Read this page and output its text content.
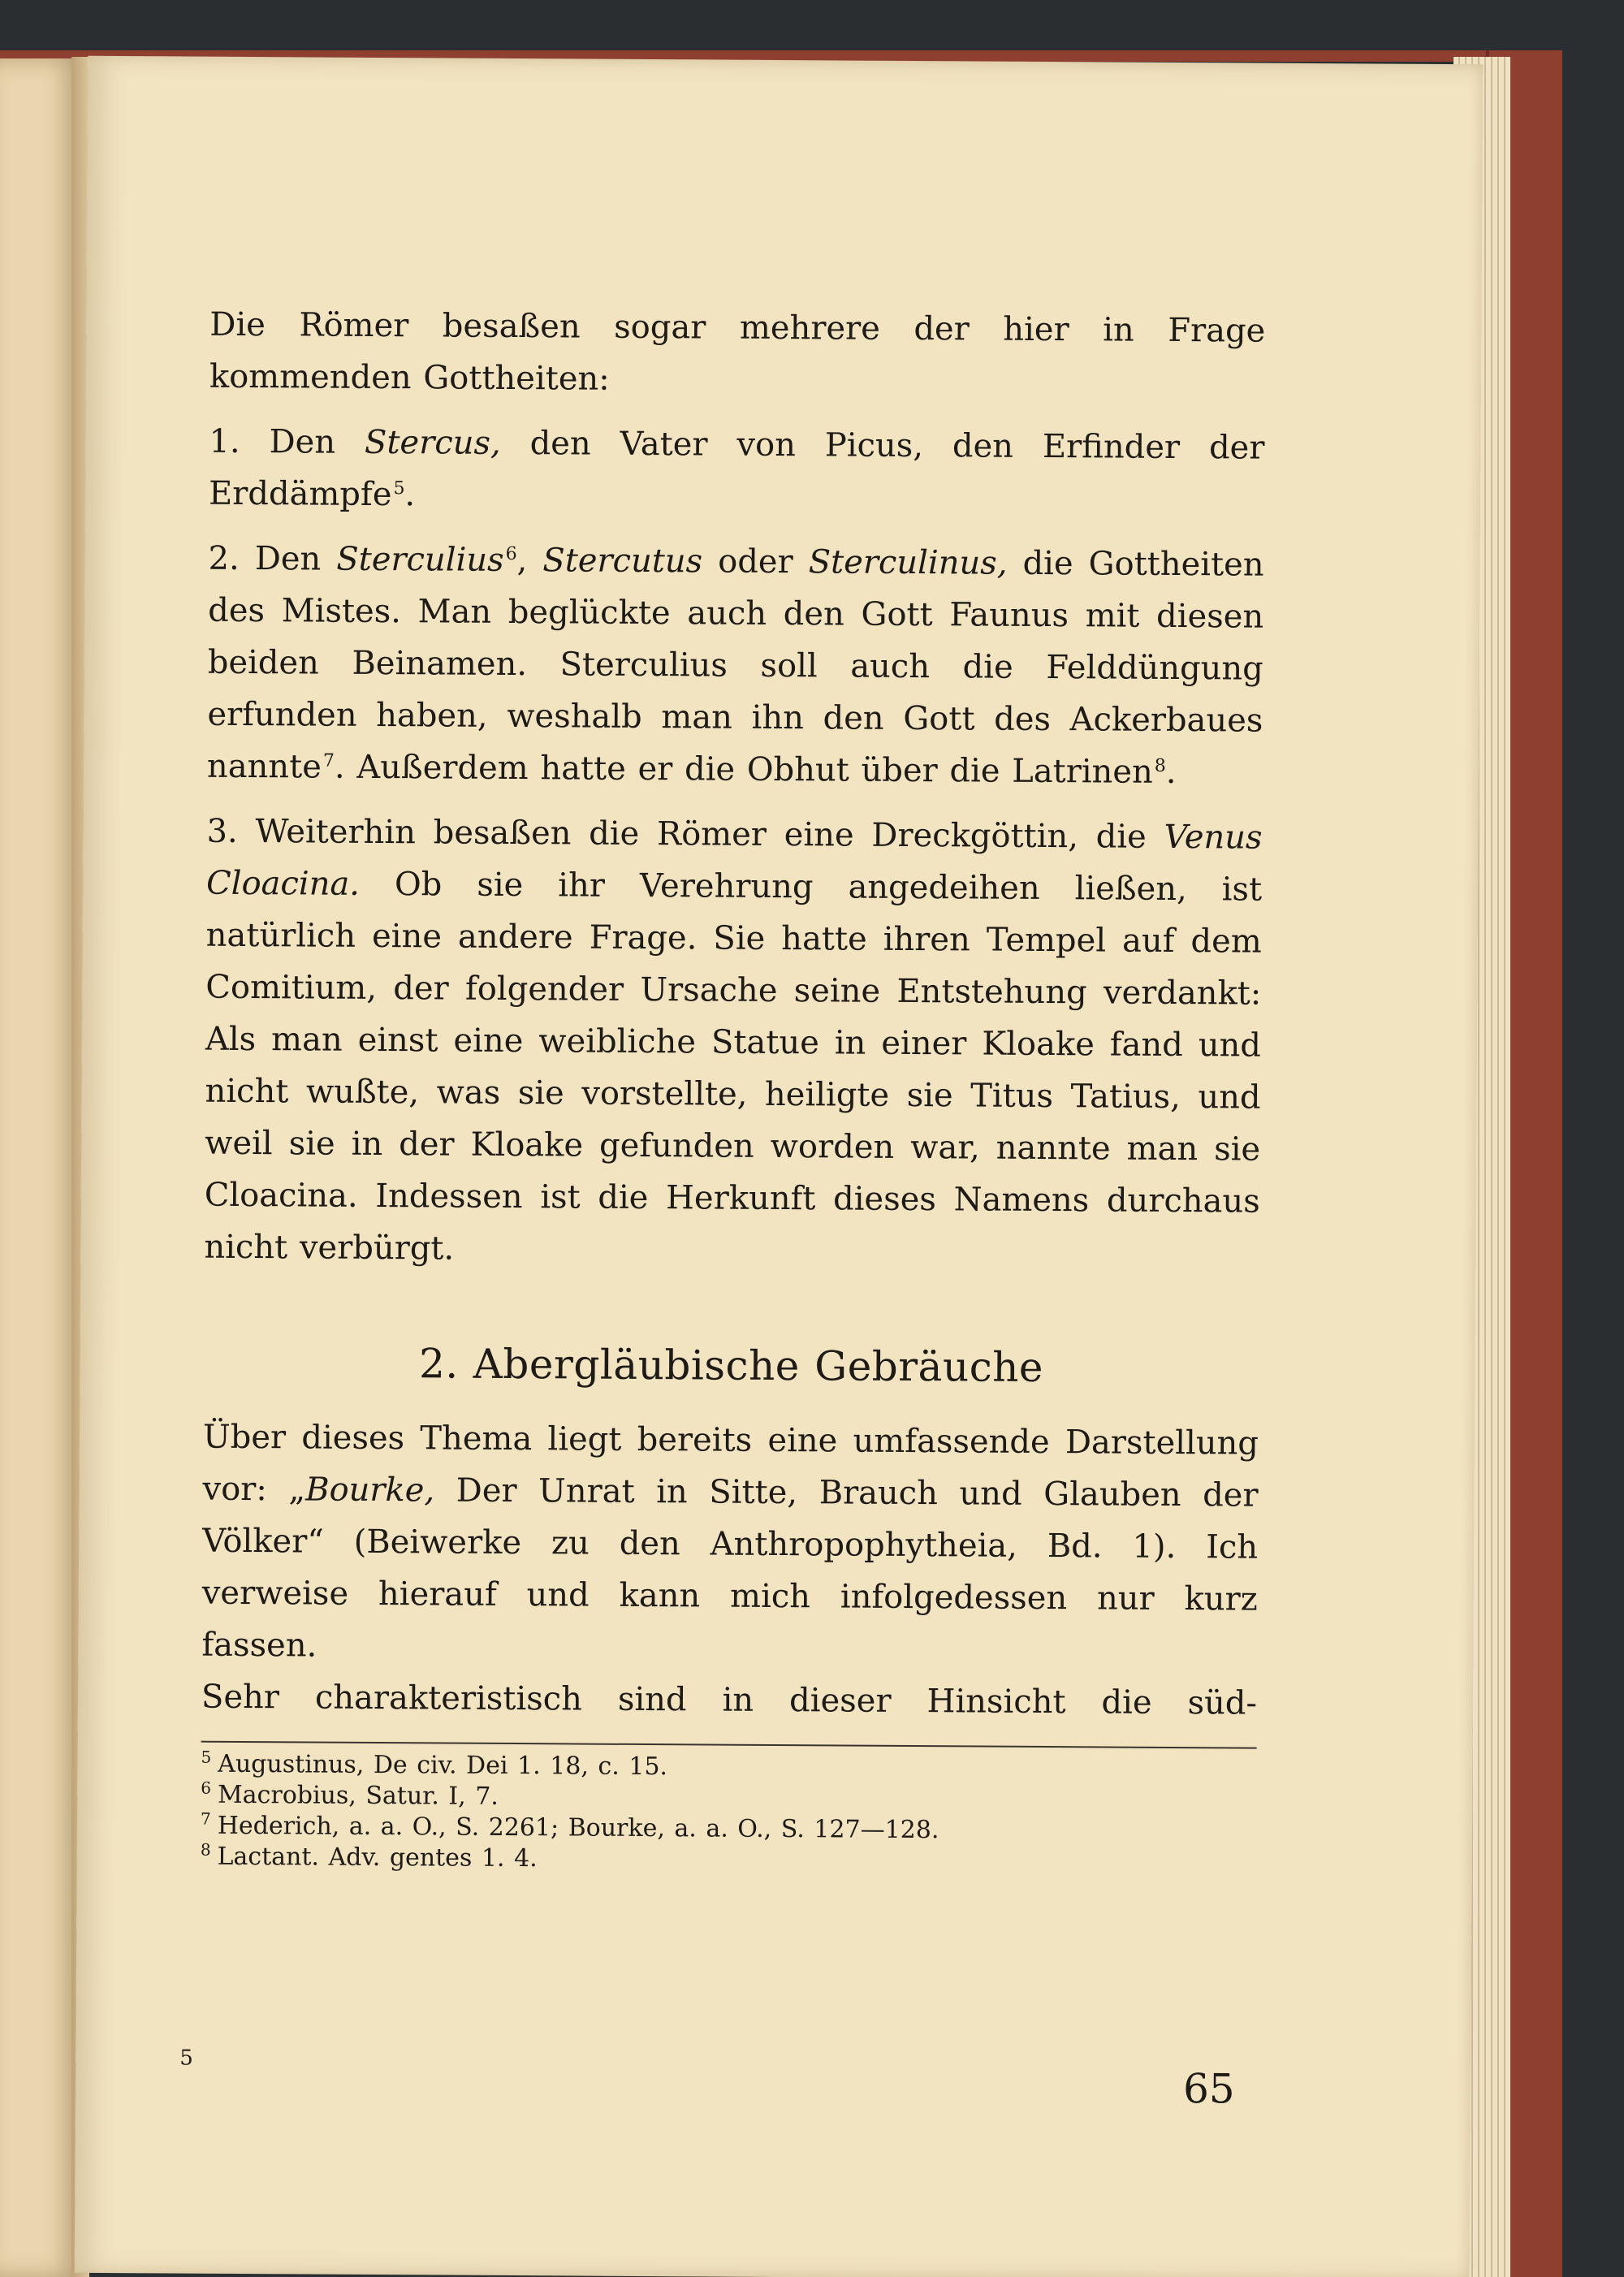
Die Römer besaßen sogar mehrere der hier in Frage kommenden Gottheiten:

1. Den Stercus, den Vater von Picus, den Erfinder der Erddämpfe$^5$.

2. Den Sterculius$^6$, Stercutus oder Sterculinus, die Gottheiten des Mistes. Man beglückte auch den Gott Faunus mit diesen beiden Beinamen. Sterculius soll auch die Felddüngung erfunden haben, weshalb man ihn den Gott des Ackerbaues nannte$^7$. Außerdem hatte er die Obhut über die Latrinen$^8$.

3. Weiterhin besaßen die Römer eine Dreckgöttin, die Venus Cloacina. Ob sie ihr Verehrung angedeihen ließen, ist natürlich eine andere Frage. Sie hatte ihren Tempel auf dem Comitium, der folgender Ursache seine Entstehung verdankt: Als man einst eine weibliche Statue in einer Kloake fand und nicht wußte, was sie vorstellte, heiligte sie Titus Tatius, und weil sie in der Kloake gefunden worden war, nannte man sie Cloacina. Indessen ist die Herkunft dieses Namens durchaus nicht verbürgt.

2. Abergläubische Gebräuche

Über dieses Thema liegt bereits eine umfassende Darstellung vor: „Bourke, Der Unrat in Sitte, Brauch und Glauben der Völker“ (Beiwerke zu den Anthropophytheia, Bd. 1). Ich verweise hierauf und kann mich infolgedessen nur kurz fassen.

Sehr charakteristisch sind in dieser Hinsicht die süd-

$^5$ Augustinus, De civ. Dei 1. 18, c. 15.
$^6$ Macrobius, Satur. I, 7.
$^7$ Hederich, a. a. O., S. 2261; Bourke, a. a. O., S. 127—128.
$^8$ Lactant. Adv. gentes 1. 4.
5
65
